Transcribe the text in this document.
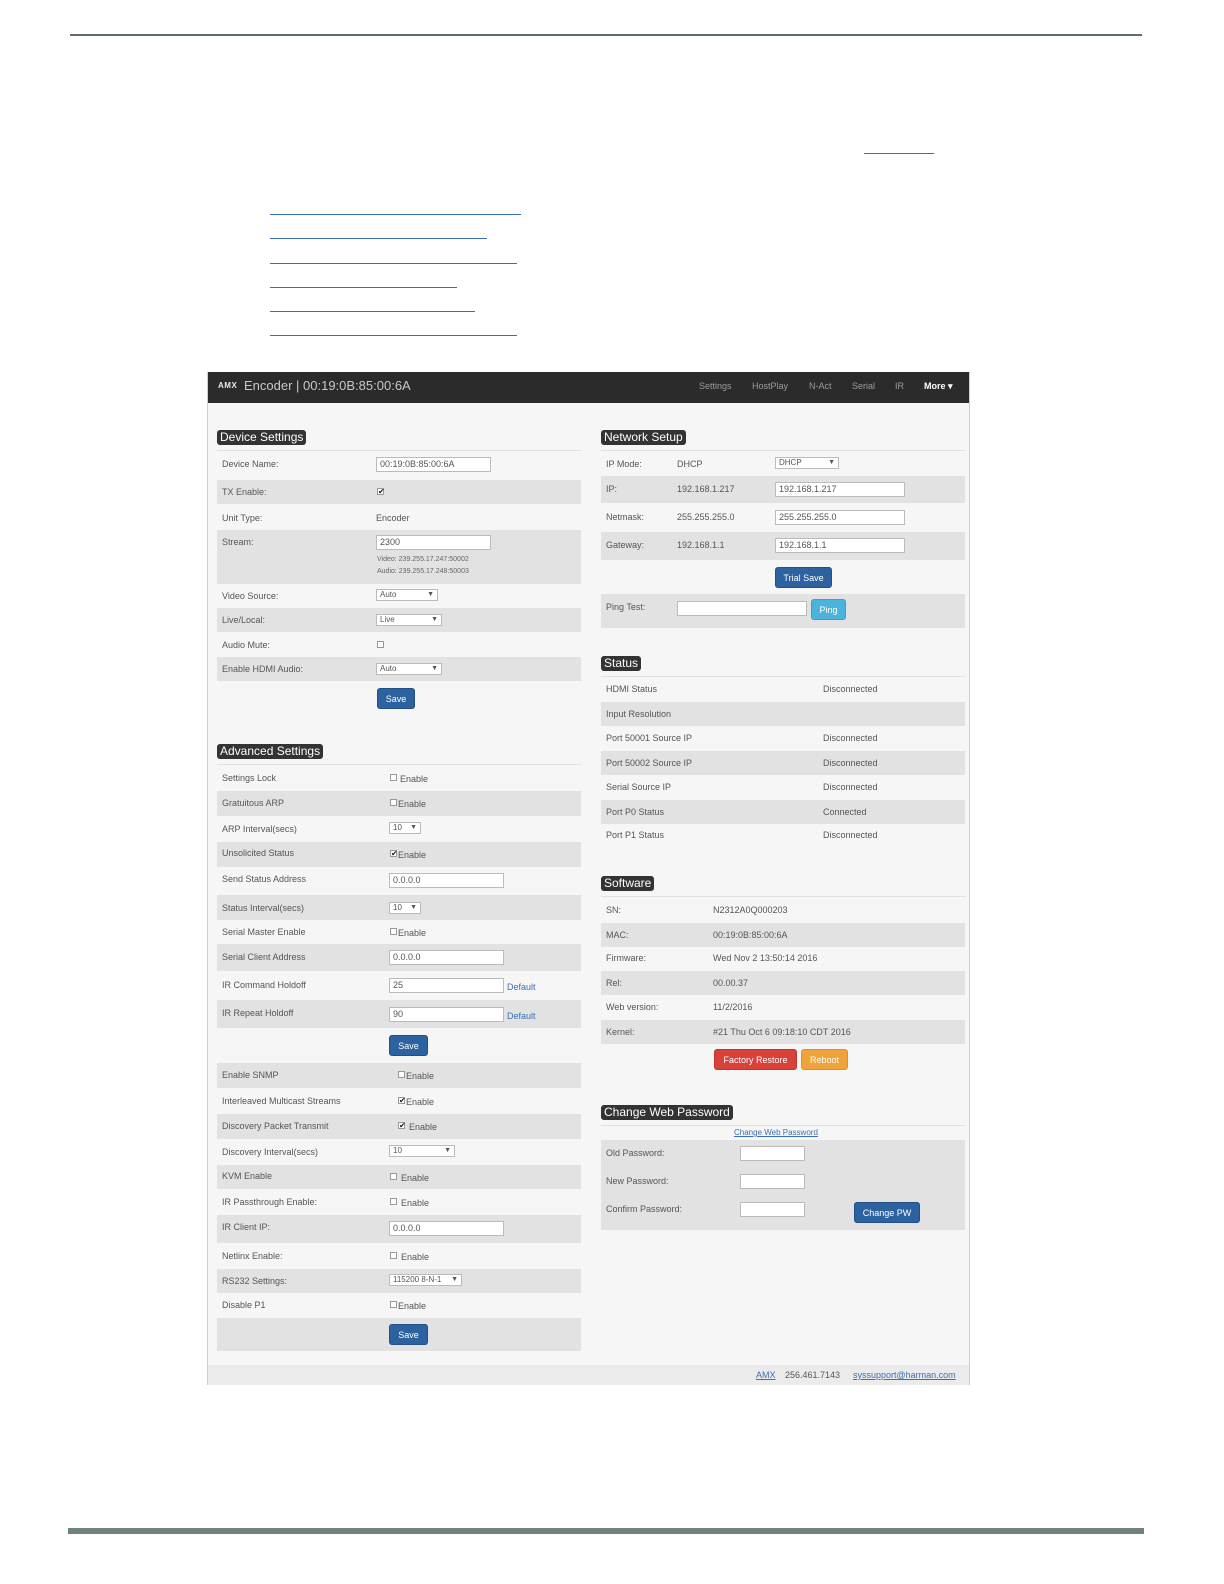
AMX Encoder | 00:19:0B:85:00:6A	Settings HostPlay N-Act Serial IR More ▾
Device Settings
Device Name:	00:19:0B:85:00:6A
TX Enable:	✔
Unit Type:	Encoder
Stream:	2300
Video: 239.255.17.247:50002
Audio: 239.255.17.248:50003
Video Source:	Auto	▼
Live/Local:	Live	▼
Audio Mute:
Enable HDMI Audio:	Auto	▼
Save
Advanced Settings
Settings Lock	Enable
Gratuitous ARP	Enable
ARP Interval(secs)	10 ▼
Unsolicited Status	✔ Enable
Send Status Address	0.0.0.0
Status Interval(secs)	10 ▼
Serial Master Enable	Enable
Serial Client Address	0.0.0.0
IR Command Holdoff	25	Default
IR Repeat Holdoff	90	Default
Save
Enable SNMP	Enable
Interleaved Multicast Streams	✔ Enable
Discovery Packet Transmit	✔ Enable
Discovery Interval(secs)	10	▼
KVM Enable	Enable
IR Passthrough Enable:	Enable
IR Client IP:	0.0.0.0
Netlinx Enable:	Enable
RS232 Settings:	115200 8-N-1 ▼
Disable P1	Enable
Save
Network Setup
IP Mode:	DHCP	DHCP	▼
IP:	192.168.1.217	192.168.1.217
Netmask:	255.255.255.0	255.255.255.0
Gateway:	192.168.1.1	192.168.1.1
Trial Save
Ping Test:	Ping
Status
HDMI Status	Disconnected
Input Resolution
Port 50001 Source IP	Disconnected
Port 50002 Source IP	Disconnected
Serial Source IP	Disconnected
Port P0 Status	Connected
Port P1 Status	Disconnected
Software
SN:	N2312A0Q000203
MAC:	00:19:0B:85:00:6A
Firmware:	Wed Nov 2 13:50:14 2016
Rel:	00.00.37
Web version:	11/2/2016
Kernel:	#21 Thu Oct 6 09:18:10 CDT 2016
Factory Restore	Reboot
Change Web Password
Change Web Password
Old Password:
New Password:
Confirm Password:	Change PW
AMX 256.461.7143 syssupport@harman.com
